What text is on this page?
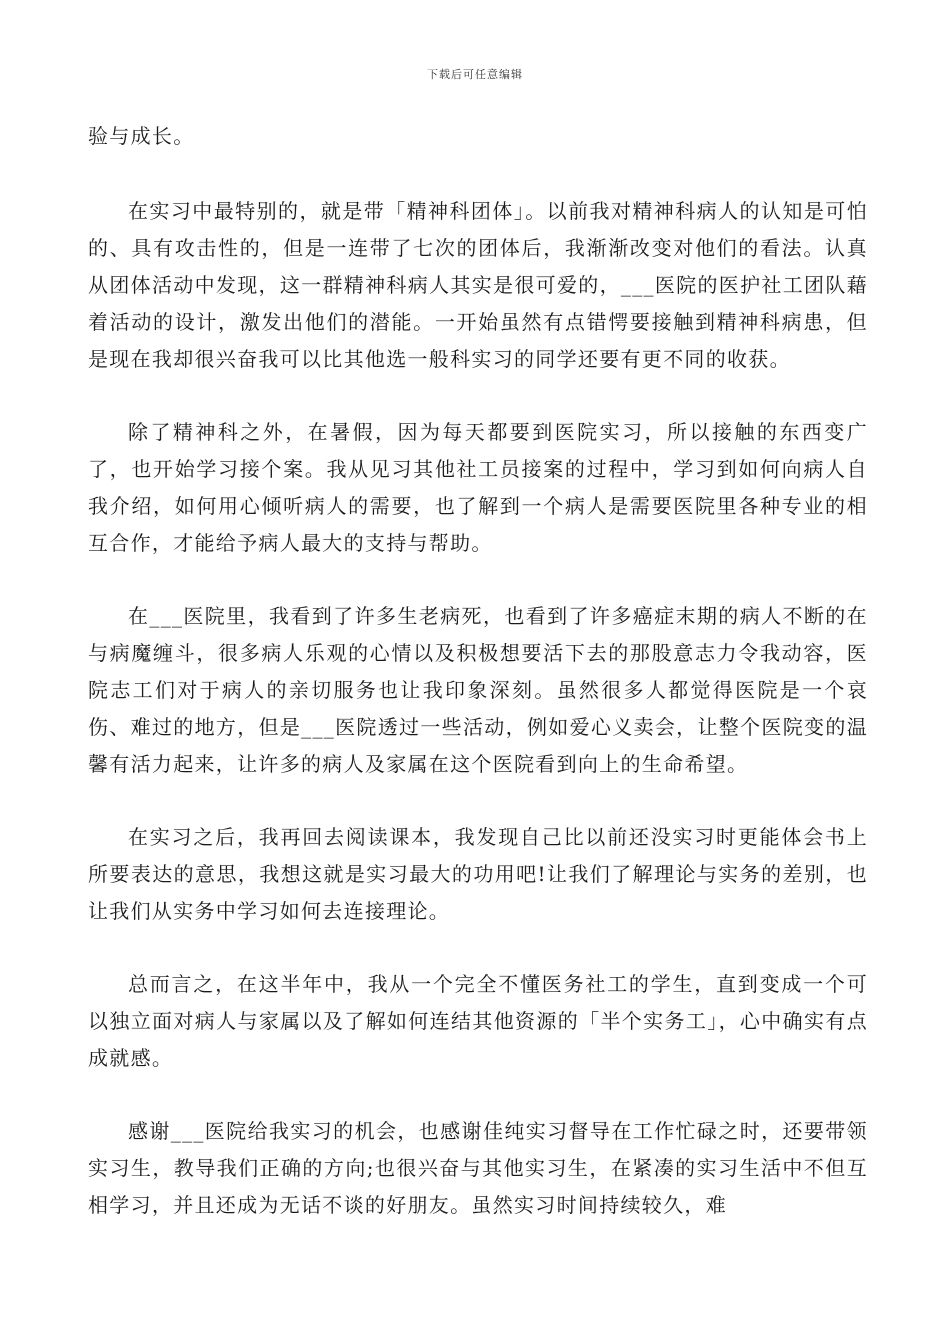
下载后可任意编辑

验与成长。

在实习中最特别的，就是带「精神科团体」。以前我对精神科病人的认知是可怕的、具有攻击性的，但是一连带了七次的团体后，我渐渐改变对他们的看法。认真从团体活动中发现，这一群精神科病人其实是很可爱的，___医院的医护社工团队藉着活动的设计，激发出他们的潜能。一开始虽然有点错愕要接触到精神科病患，但是现在我却很兴奋我可以比其他选一般科实习的同学还要有更不同的收获。

除了精神科之外，在暑假，因为每天都要到医院实习，所以接触的东西变广了，也开始学习接个案。我从见习其他社工员接案的过程中，学习到如何向病人自我介绍，如何用心倾听病人的需要，也了解到一个病人是需要医院里各种专业的相互合作，才能给予病人最大的支持与帮助。

在___医院里，我看到了许多生老病死，也看到了许多癌症末期的病人不断的在与病魔缠斗，很多病人乐观的心情以及积极想要活下去的那股意志力令我动容，医院志工们对于病人的亲切服务也让我印象深刻。虽然很多人都觉得医院是一个哀伤、难过的地方，但是___医院透过一些活动，例如爱心义卖会，让整个医院变的温馨有活力起来，让许多的病人及家属在这个医院看到向上的生命希望。

在实习之后，我再回去阅读课本，我发现自己比以前还没实习时更能体会书上所要表达的意思，我想这就是实习最大的功用吧!让我们了解理论与实务的差别，也让我们从实务中学习如何去连接理论。

总而言之，在这半年中，我从一个完全不懂医务社工的学生，直到变成一个可以独立面对病人与家属以及了解如何连结其他资源的「半个实务工」，心中确实有点成就感。

感谢___医院给我实习的机会，也感谢佳纯实习督导在工作忙碌之时，还要带领实习生，教导我们正确的方向;也很兴奋与其他实习生，在紧凑的实习生活中不但互相学习，并且还成为无话不谈的好朋友。虽然实习时间持续较久，难
